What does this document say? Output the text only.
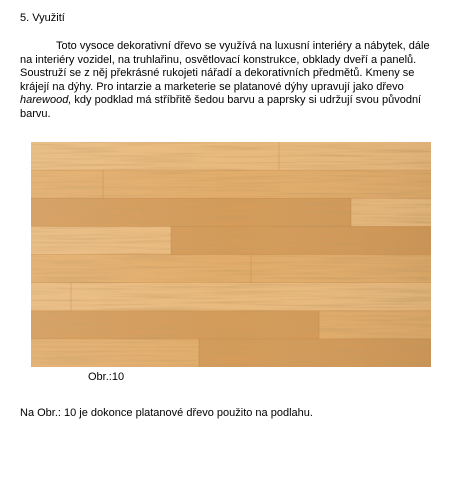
5. Využití
Toto vysoce dekorativní dřevo se využívá na luxusní interiéry a nábytek, dále
na interiéry vozidel, na truhlařinu, osvětlovací konstrukce, obklady dveří a panelů.
Soustruží se z něj překrásné rukojeti nářadí a dekorativních předmětů. Kmeny se
krájejí na dýhy. Pro intarzie a marketerie se platanové dýhy upravují jako dřevo
harewood, kdy podklad má stříbřitě šedou barvu a paprsky si udržují svou původní
barvu.
Obr.:10
Na Obr.: 10 je dokonce platanové dřevo použito na podlahu.
